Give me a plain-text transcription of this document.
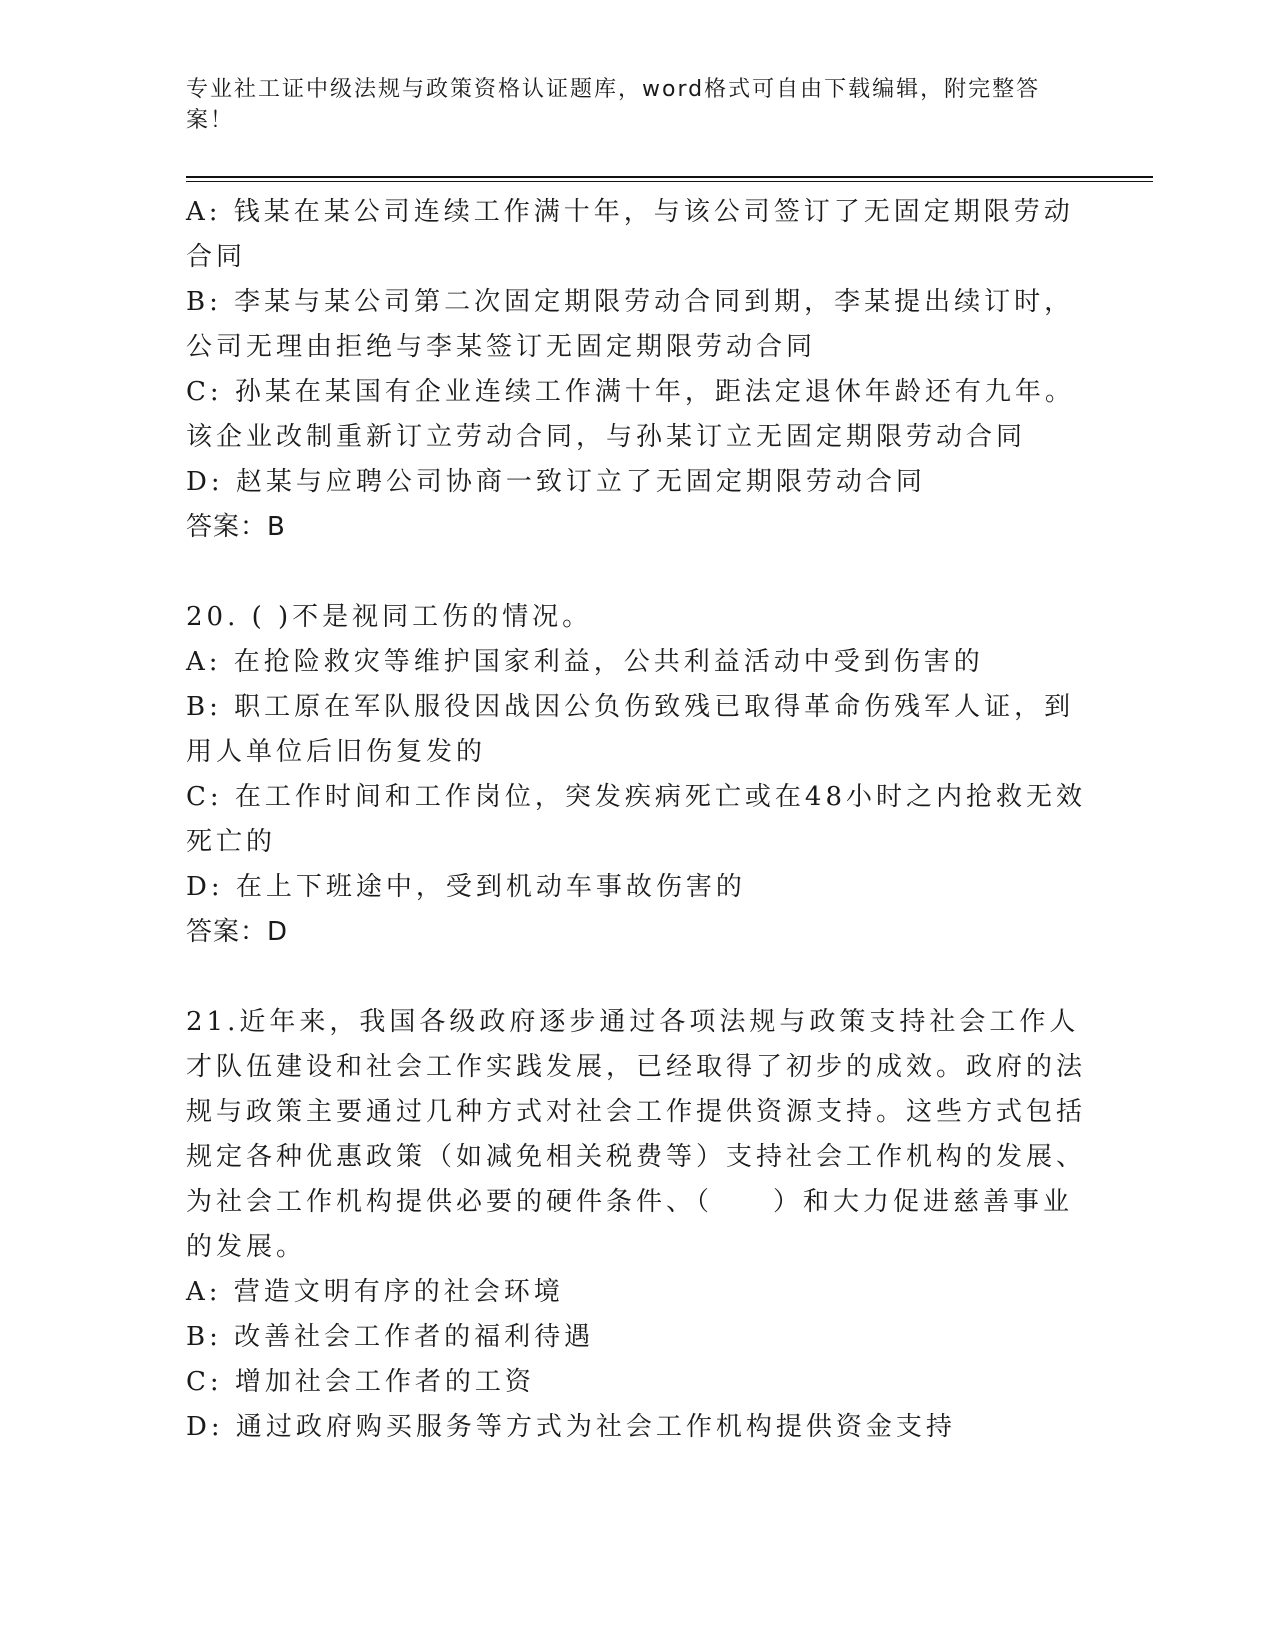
专业社工证中级法规与政策资格认证题库，word格式可自由下载编辑，附完整答案！

A: 钱某在某公司连续工作满十年，与该公司签订了无固定期限劳动合同

B: 李某与某公司第二次固定期限劳动合同到期，李某提出续订时，公司无理由拒绝与李某签订无固定期限劳动合同

C: 孙某在某国有企业连续工作满十年，距法定退休年龄还有九年。该企业改制重新订立劳动合同，与孙某订立无固定期限劳动合同

D: 赵某与应聘公司协商一致订立了无固定期限劳动合同

答案：B

20. ( )不是视同工伤的情况。

A: 在抢险救灾等维护国家利益，公共利益活动中受到伤害的

B: 职工原在军队服役因战因公负伤致残已取得革命伤残军人证，到用人单位后旧伤复发的

C: 在工作时间和工作岗位，突发疾病死亡或在48小时之内抢救无效死亡的

D: 在上下班途中，受到机动车事故伤害的

答案：D

21.近年来，我国各级政府逐步通过各项法规与政策支持社会工作人才队伍建设和社会工作实践发展，已经取得了初步的成效。政府的法规与政策主要通过几种方式对社会工作提供资源支持。这些方式包括规定各种优惠政策（如减免相关税费等）支持社会工作机构的发展、为社会工作机构提供必要的硬件条件、（　　）和大力促进慈善事业的发展。

A: 营造文明有序的社会环境

B: 改善社会工作者的福利待遇

C: 增加社会工作者的工资

D: 通过政府购买服务等方式为社会工作机构提供资金支持
